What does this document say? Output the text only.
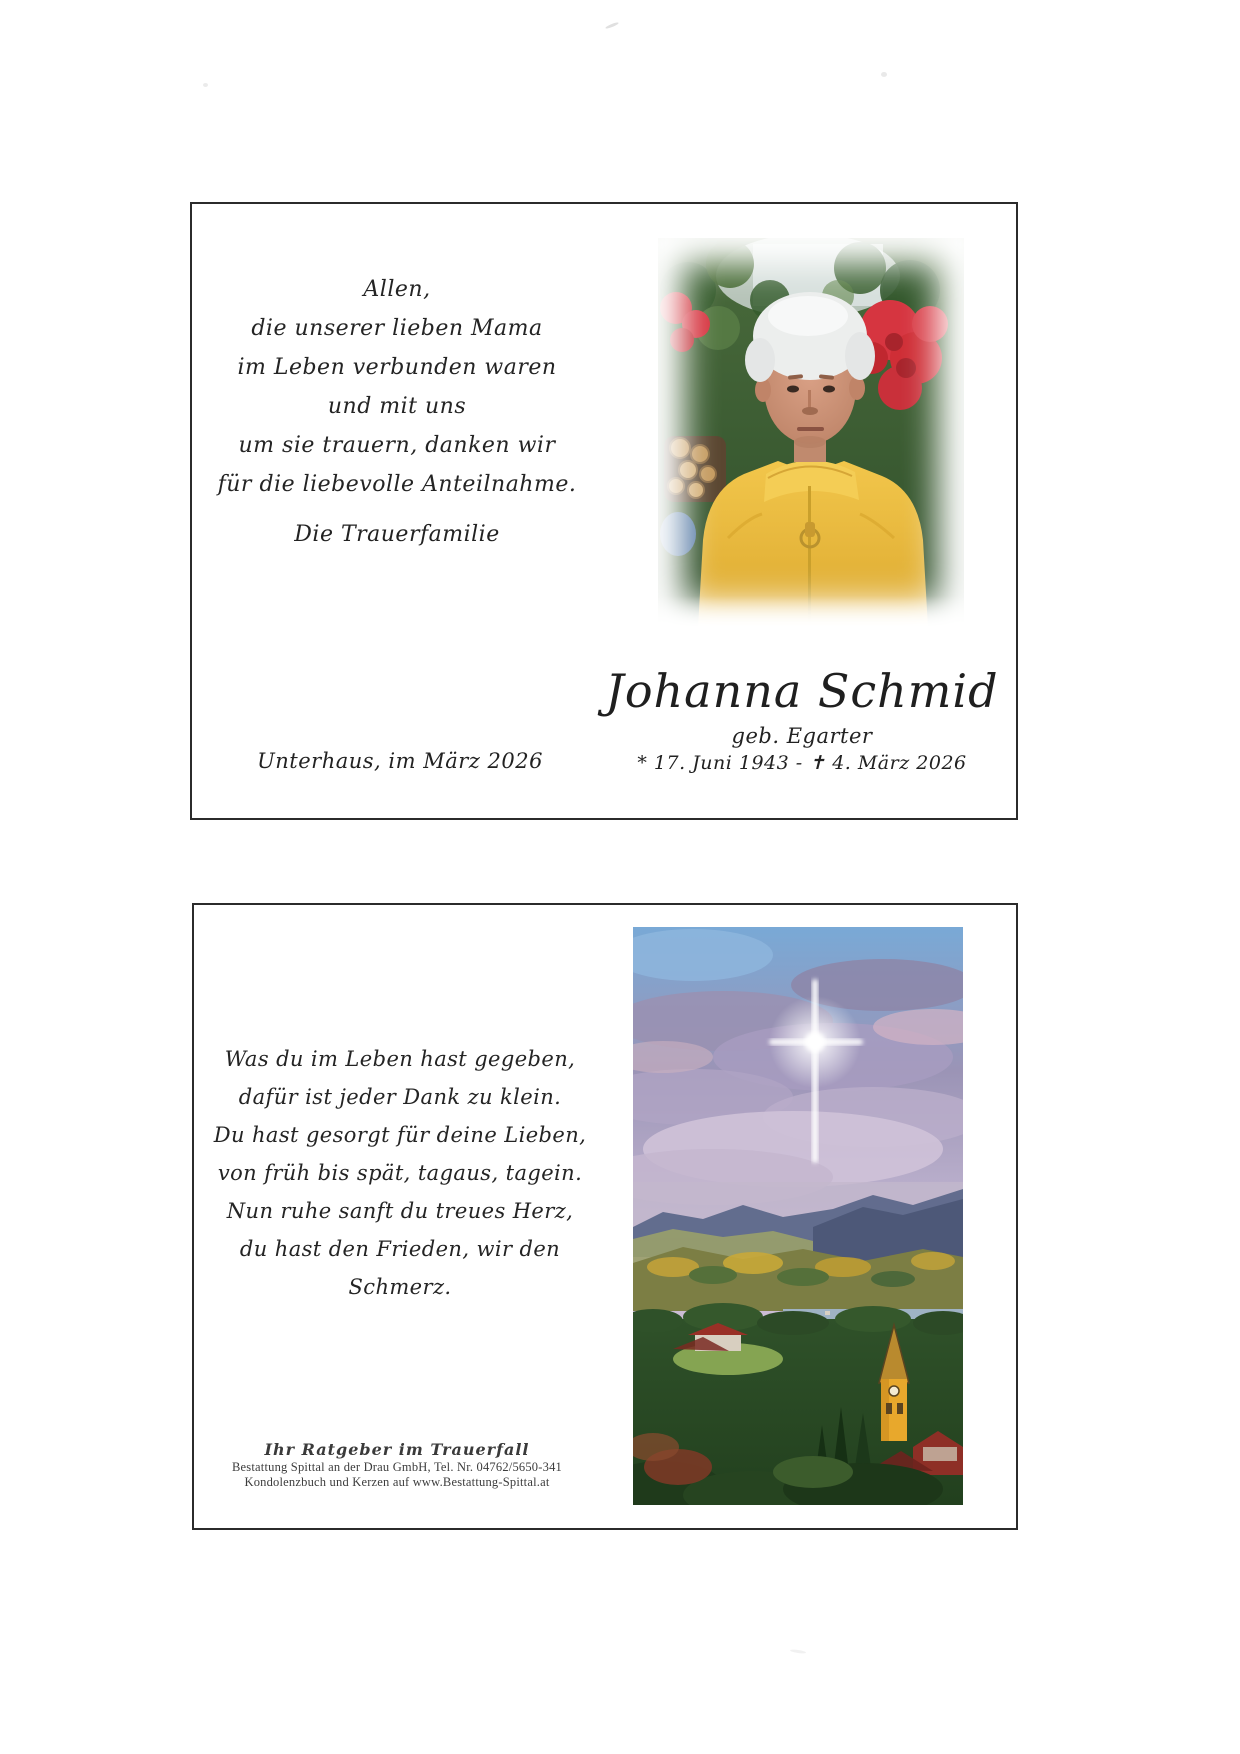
Allen,
die unserer lieben Mama
im Leben verbunden waren
und mit uns
um sie trauern, danken wir
für die liebevolle Anteilnahme.
Die Trauerfamilie
Unterhaus, im März 2026
Johanna Schmid
geb. Egarter
* 17. Juni 1943 - ✝ 4. März 2026
Was du im Leben hast gegeben,
dafür ist jeder Dank zu klein.
Du hast gesorgt für deine Lieben,
von früh bis spät, tagaus, tagein.
Nun ruhe sanft du treues Herz,
du hast den Frieden, wir den Schmerz.
Ihr Ratgeber im Trauerfall
Bestattung Spittal an der Drau GmbH, Tel. Nr. 04762/5650-341
Kondolenzbuch und Kerzen auf www.Bestattung-Spittal.at
